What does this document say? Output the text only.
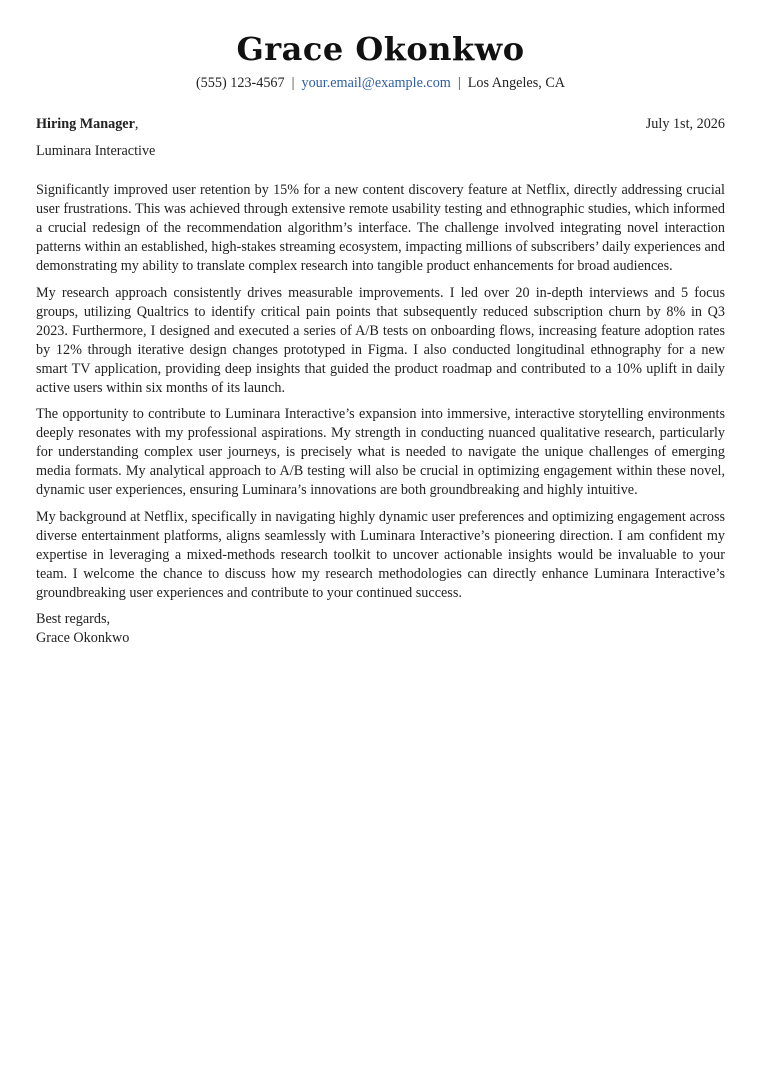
Grace Okonkwo
(555) 123-4567 | your.email@example.com | Los Angeles, CA
Hiring Manager,	July 1st, 2026
Luminara Interactive

Significantly improved user retention by 15% for a new content discovery feature at Netflix, directly addressing crucial user frustrations. This was achieved through extensive remote usability testing and ethnographic studies, which informed a crucial redesign of the recommendation algorithm’s interface. The challenge involved integrating novel interaction patterns within an established, high-stakes streaming ecosystem, impacting millions of subscribers’ daily experiences and demonstrating my ability to translate complex research into tangible product enhancements for broad audiences.

My research approach consistently drives measurable improvements. I led over 20 in-depth interviews and 5 focus groups, utilizing Qualtrics to identify critical pain points that subsequently reduced subscription churn by 8% in Q3 2023. Furthermore, I designed and executed a series of A/B tests on onboarding flows, increasing feature adoption rates by 12% through iterative design changes prototyped in Figma. I also conducted longitudinal ethnography for a new smart TV application, providing deep insights that guided the product roadmap and contributed to a 10% uplift in daily active users within six months of its launch.

The opportunity to contribute to Luminara Interactive’s expansion into immersive, interactive storytelling environments deeply resonates with my professional aspirations. My strength in conducting nuanced qualitative research, particularly for understanding complex user journeys, is precisely what is needed to navigate the unique challenges of emerging media formats. My analytical approach to A/B testing will also be crucial in optimizing engagement within these novel, dynamic user experiences, ensuring Luminara’s innovations are both groundbreaking and highly intuitive.

My background at Netflix, specifically in navigating highly dynamic user preferences and optimizing engagement across diverse entertainment platforms, aligns seamlessly with Luminara Interactive’s pioneering direction. I am confident my expertise in leveraging a mixed-methods research toolkit to uncover actionable insights would be invaluable to your team. I welcome the chance to discuss how my research methodologies can directly enhance Luminara Interactive’s groundbreaking user experiences and contribute to your continued success.

Best regards,
Grace Okonkwo
